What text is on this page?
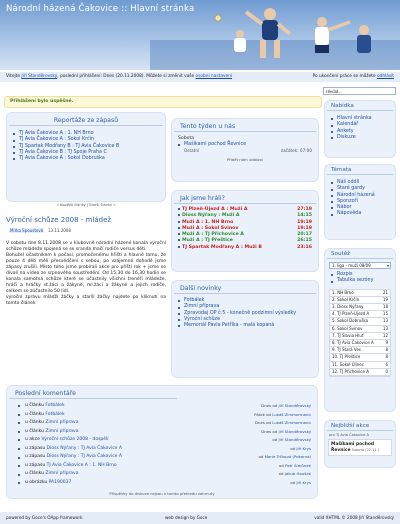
Národní házená Čakovice :: Hlavní stránka
Vítejte Jiří Standěrovský, poslední přihlášení: Dnes (20.11.2008). Můžete si změnit vaše osobní nastavení	Po ukončení práce se můžete odhlásit
Hledat...
Přihlášení bylo úspěšné.
Reportáže ze zápasů
TJ Avia Čakovice A : 1. NH Brno
TJ Avia Čakovice A : Sokol Krčín
TJ Spartak Modřany B : TJ Avia Čakovice B
TJ Avia Čakovice B : TJ Spoje Praha C
TJ Avia Čakovice A : Sokol Dobruška
« Novější články | Starší články »
Výroční schůze 2008 - mládež
Mirka Spoustová 13.11.2008

V sobotu dne 8.11.2008 se v klubovně národní házené konala výroční schůze mládeže spojená se se sranda mačí rodiče versus děti.

Bohužel účastníkem k počasí, promočenému hřišti a hlavně tomu, že pouze 4 děti měli přesvědčení s sebou, po vzájemné dohodě jsme zápasy zrušili. Místo toho jsme probírali akce pro příští rok + jsme se dívali na video ze srpnového soustředění. Od 15,30 do 16,30 hodin se konala samotná schůze které se účastnily všichni trenéři mládeže, hráči a hráčky st.žáci a žákyně, ml.žáci a žákyně a jejich rodiče, celkem se zúčastnilo 50 lidí.

výroční zprávu mládží žáčky a starší žáčky najdete po kliknutí na tomto článek

Poslední komentáře
u článku Fotbálek	Dnes od Jiří Standěrovský
u článku Fotbálek	Pátek od Lukáš Zimmermann
u článku Zimní příprava	Dnes od Lukáš Zimmermann
u článku Zimní příprava	Dnes od Jiří Standěrovský
u akce Výroční schůze 2008 - dospělí	od Jiří Standěrovský
u zápasu Dioss Nýřany : TJ Avia Čakovice A	od Jiří Krys
u zápasu Dioss Nýřany : TJ Avia Čakovice A	od Marie Trčková (Pokorná)
u zápasu TJ Avia Čakovice A : 1. NH Brno	od Petr Šimůnek
u článku Zimní příprava	od Jakub Houšek
u obrázku PA190037	od Jiří Krys
Příspěvky do diskuze nejsou v tomto přehledu zahrnuty
Tento týden u nás
Sobota
Mašíkami pochod Řevnice
Ostatní	začátek: 07:00
Přidět nám událost
Jak jsme hráli?
	TJ Plzeň-Újezd A : Muži A	27:19
	Dioss Nýřany : Muži A	14:15
	Muži A : 1. NH Brno	19:19
	Muži A : Sokol Svinov	19:19
	Muži A : TJ Přichovice A	20:17
	Muži A : TJ Přeštice	26:15
	TJ Spartak Modřany A : Muži B	23:16
Další novinky
Fotbálek
Zimní příprava
Zpravodaj OP č.5 - konečně podzimní výsledky
Výroční schůze
Memoriál Pavla Petříka - malá kopaná
Nabídka
Hlavní stránka
Kalendář
Ankety
Diskuze
Témata
Náš oddíl
Staré gardy
Národní házená
Sponzoři
Nábor
Nápověda
Soutěž
1. liga - muži 08/09	▾
Rozpis
Tabulka sezóny
1. NH Brno	21
2. Sokol Krčín	19
3. Dioss Nýřany	18
4. TJ Plzeň-Újezd A	15
5. Sokol Dobruška	13
6. Sokol Svinov	13
7. TJ Slavia Hluť	12
8. TJ Avia Čakovice A	9
9. TJ Stará Ves	8
10. TJ Přeštice	8
11. Sokol Úlinec	6
12. TJ Přichovice A	0
Nejbližší akce
pro TJ Avia Čakovice A
Mašíkami pochod Řevnice Sobota (22.11.)
powered by Goce's OApp framework	web design by Goce	valid XHTML © 2008 Jiří Standěrovský
